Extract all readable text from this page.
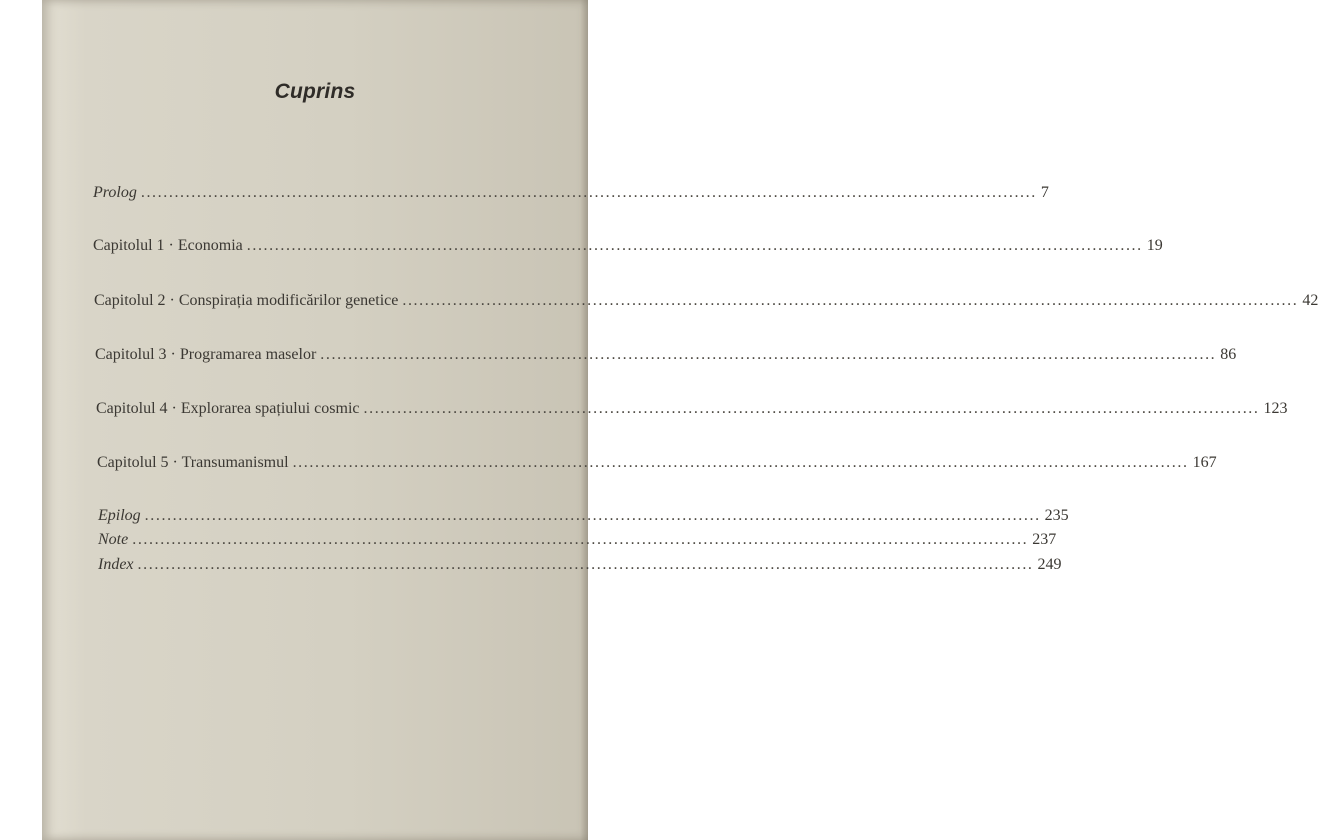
Cuprins
Prolog .....	7
Capitolul 1 · Economia .....	19
Capitolul 2 · Conspirația modificărilor genetice .....	42
Capitolul 3 · Programarea maselor .....	86
Capitolul 4 · Explorarea spațiului cosmic .....	123
Capitolul 5 · Transumanismul .....	167
Epilog .....	235
Note .....	237
Index .....	249
